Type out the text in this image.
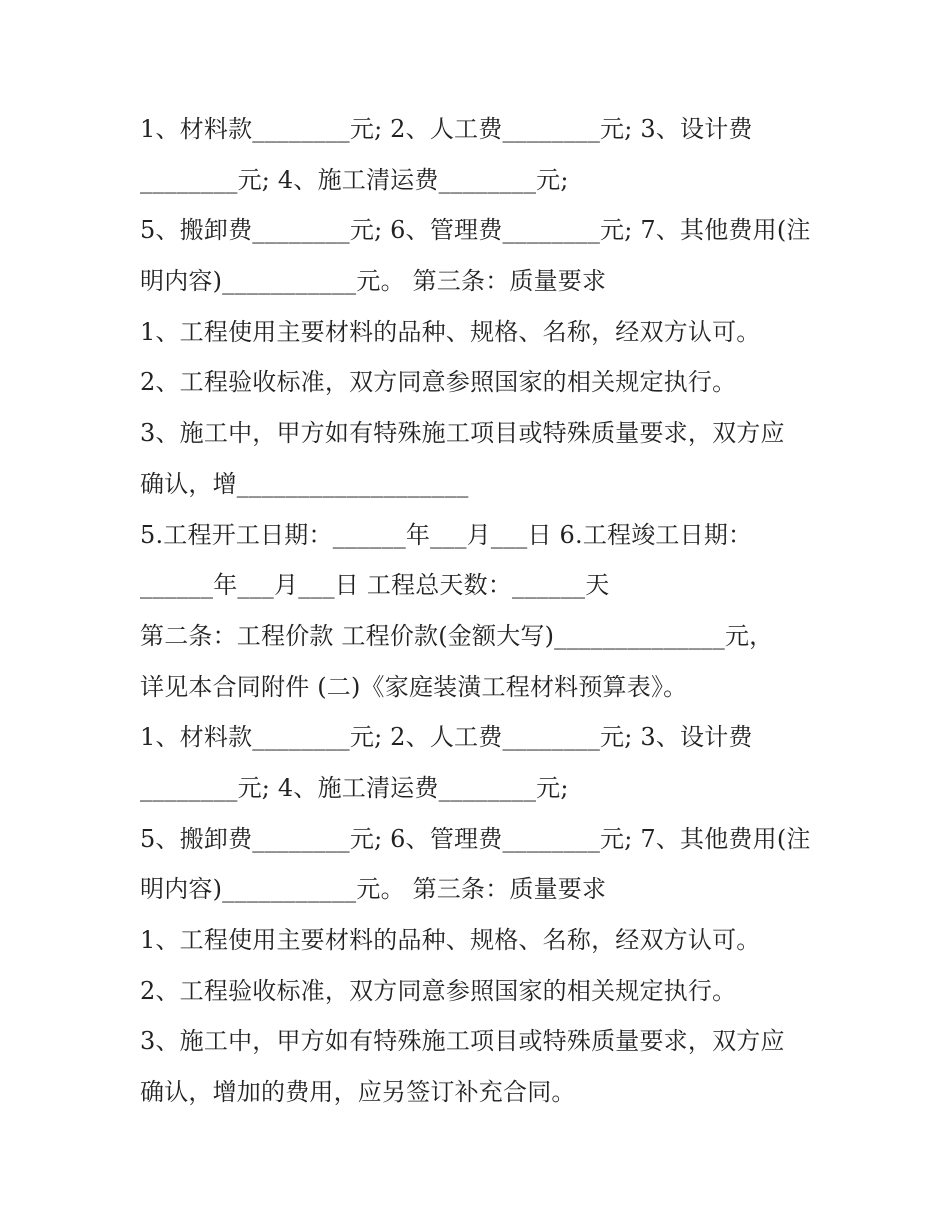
1、材料款________元; 2、人工费________元; 3、设计费
________元; 4、施工清运费________元;
5、搬卸费________元; 6、管理费________元; 7、其他费用(注
明内容)___________元。 第三条：质量要求
1、工程使用主要材料的品种、规格、名称，经双方认可。
2、工程验收标准，双方同意参照国家的相关规定执行。
3、施工中，甲方如有特殊施工项目或特殊质量要求，双方应
确认，增___________________
5.工程开工日期：______年___月___日 6.工程竣工日期：
______年___月___日 工程总天数：______天
第二条：工程价款 工程价款(金额大写)______________元，
详见本合同附件 (二)《家庭装潢工程材料预算表》。
1、材料款________元; 2、人工费________元; 3、设计费
________元; 4、施工清运费________元;
5、搬卸费________元; 6、管理费________元; 7、其他费用(注
明内容)___________元。 第三条：质量要求
1、工程使用主要材料的品种、规格、名称，经双方认可。
2、工程验收标准，双方同意参照国家的相关规定执行。
3、施工中，甲方如有特殊施工项目或特殊质量要求，双方应
确认，增加的费用，应另签订补充合同。
